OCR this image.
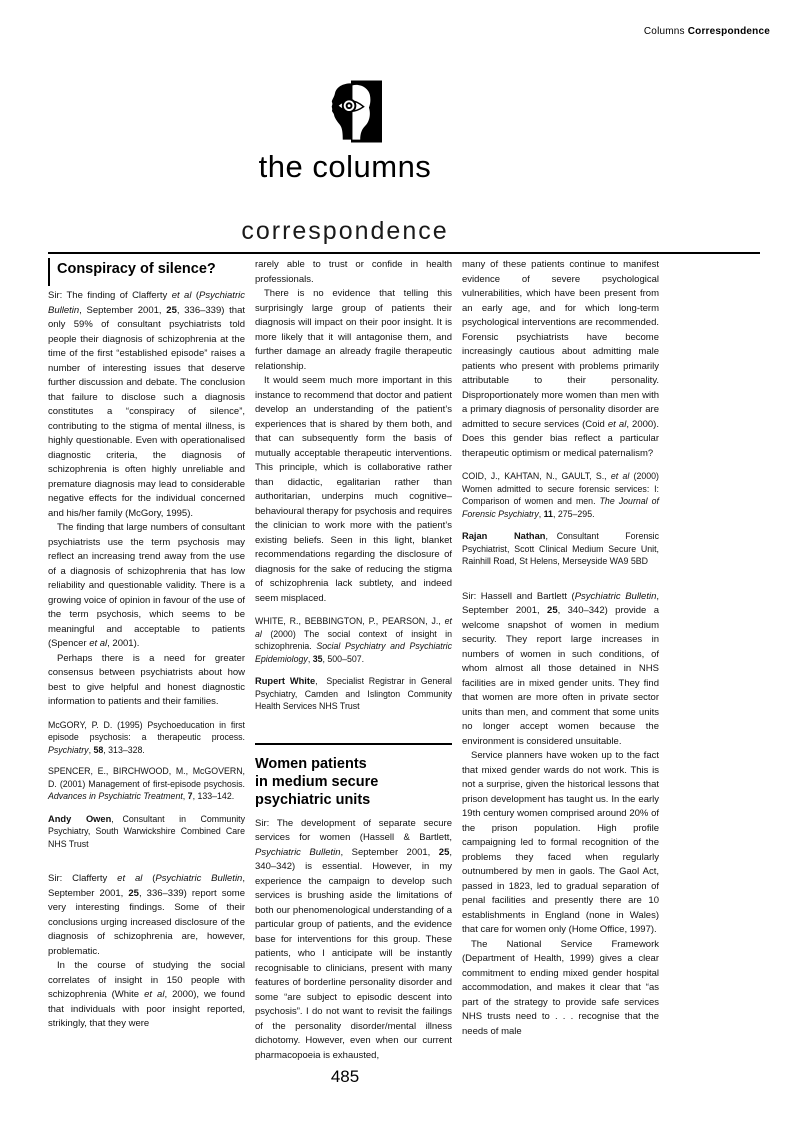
Columns Correspondence
the columns
correspondence
Conspiracy of silence?

Sir: The finding of Clafferty et al (Psychiatric Bulletin, September 2001, 25, 336–339) that only 59% of consultant psychiatrists told people their diagnosis of schizophrenia at the time of the first “established episode” raises a number of interesting issues that deserve further discussion and debate. The conclusion that failure to disclose such a diagnosis constitutes a “conspiracy of silence”, contributing to the stigma of mental illness, is highly questionable. Even with operationalised diagnostic criteria, the diagnosis of schizophrenia is often highly unreliable and premature diagnosis may lead to considerable negative effects for the individual concerned and his/her family (McGory, 1995).

The finding that large numbers of consultant psychiatrists use the term psychosis may reflect an increasing trend away from the use of a diagnosis of schizophrenia that has low reliability and questionable validity. There is a growing voice of opinion in favour of the use of the term psychosis, which seems to be meaningful and acceptable to patients (Spencer et al, 2001).

Perhaps there is a need for greater consensus between psychiatrists about how best to give helpful and honest diagnostic information to patients and their families.

McGORY, P. D. (1995) Psychoeducation in first episode psychosis: a therapeutic process. Psychiatry, 58, 313–328.

SPENCER, E., BIRCHWOOD, M., McGOVERN, D. (2001) Management of first-episode psychosis. Advances in Psychiatric Treatment, 7, 133–142.

Andy Owen, Consultant in Community Psychiatry, South Warwickshire Combined Care NHS Trust

Sir: Clafferty et al (Psychiatric Bulletin, September 2001, 25, 336–339) report some very interesting findings. Some of their conclusions urging increased disclosure of the diagnosis of schizophrenia are, however, problematic.

In the course of studying the social correlates of insight in 150 people with schizophrenia (White et al, 2000), we found that individuals with poor insight reported, strikingly, that they were

rarely able to trust or confide in health professionals.

There is no evidence that telling this surprisingly large group of patients their diagnosis will impact on their poor insight. It is more likely that it will antagonise them, and further damage an already fragile therapeutic relationship.

It would seem much more important in this instance to recommend that doctor and patient develop an understanding of the patient’s experiences that is shared by them both, and that can subsequently form the basis of mutually acceptable therapeutic interventions. This principle, which is collaborative rather than didactic, egalitarian rather than authoritarian, underpins much cognitive–behavioural therapy for psychosis and requires the clinician to work more with the patient’s existing beliefs. Seen in this light, blanket recommendations regarding the disclosure of diagnosis for the sake of reducing the stigma of schizophrenia lack subtlety, and indeed seem misplaced.

WHITE, R., BEBBINGTON, P., PEARSON, J., et al (2000) The social context of insight in schizophrenia. Social Psychiatry and Psychiatric Epidemiology, 35, 500–507.

Rupert White, Specialist Registrar in General Psychiatry, Camden and Islington Community Health Services NHS Trust

Women patients
in medium secure
psychiatric units

Sir: The development of separate secure services for women (Hassell & Bartlett, Psychiatric Bulletin, September 2001, 25, 340–342) is essential. However, in my experience the campaign to develop such services is brushing aside the limitations of both our phenomenological understanding of a particular group of patients, and the evidence base for interventions for this group. These patients, who I anticipate will be instantly recognisable to clinicians, present with many features of borderline personality disorder and some “are subject to episodic descent into psychosis”. I do not want to revisit the failings of the personality disorder/mental illness dichotomy. However, even when our current pharmacopoeia is exhausted,

many of these patients continue to manifest evidence of severe psychological vulnerabilities, which have been present from an early age, and for which long-term psychological interventions are recommended. Forensic psychiatrists have become increasingly cautious about admitting male patients who present with problems primarily attributable to their personality. Disproportionately more women than men with a primary diagnosis of personality disorder are admitted to secure services (Coid et al, 2000). Does this gender bias reflect a particular therapeutic optimism or medical paternalism?

COID, J., KAHTAN, N., GAULT, S., et al (2000) Women admitted to secure forensic services: I: Comparison of women and men. The Journal of Forensic Psychiatry, 11, 275–295.

Rajan Nathan, Consultant Forensic Psychiatrist, Scott Clinical Medium Secure Unit, Rainhill Road, St Helens, Merseyside WA9 5BD

Sir: Hassell and Bartlett (Psychiatric Bulletin, September 2001, 25, 340–342) provide a welcome snapshot of women in medium security. They report large increases in numbers of women in such conditions, of whom almost all those detained in NHS facilities are in mixed gender units. They find that women are more often in private sector units than men, and comment that some units no longer accept women because the environment is considered unsuitable.

Service planners have woken up to the fact that mixed gender wards do not work. This is not a surprise, given the historical lessons that prison development has taught us. In the early 19th century women comprised around 20% of the prison population. High profile campaigning led to formal recognition of the problems they faced when regularly outnumbered by men in gaols. The Gaol Act, passed in 1823, led to gradual separation of penal facilities and presently there are 10 establishments in England (none in Wales) that care for women only (Home Office, 1997).

The National Service Framework (Department of Health, 1999) gives a clear commitment to ending mixed gender hospital accommodation, and makes it clear that “as part of the strategy to provide safe services NHS trusts need to . . . recognise that the needs of male

485
